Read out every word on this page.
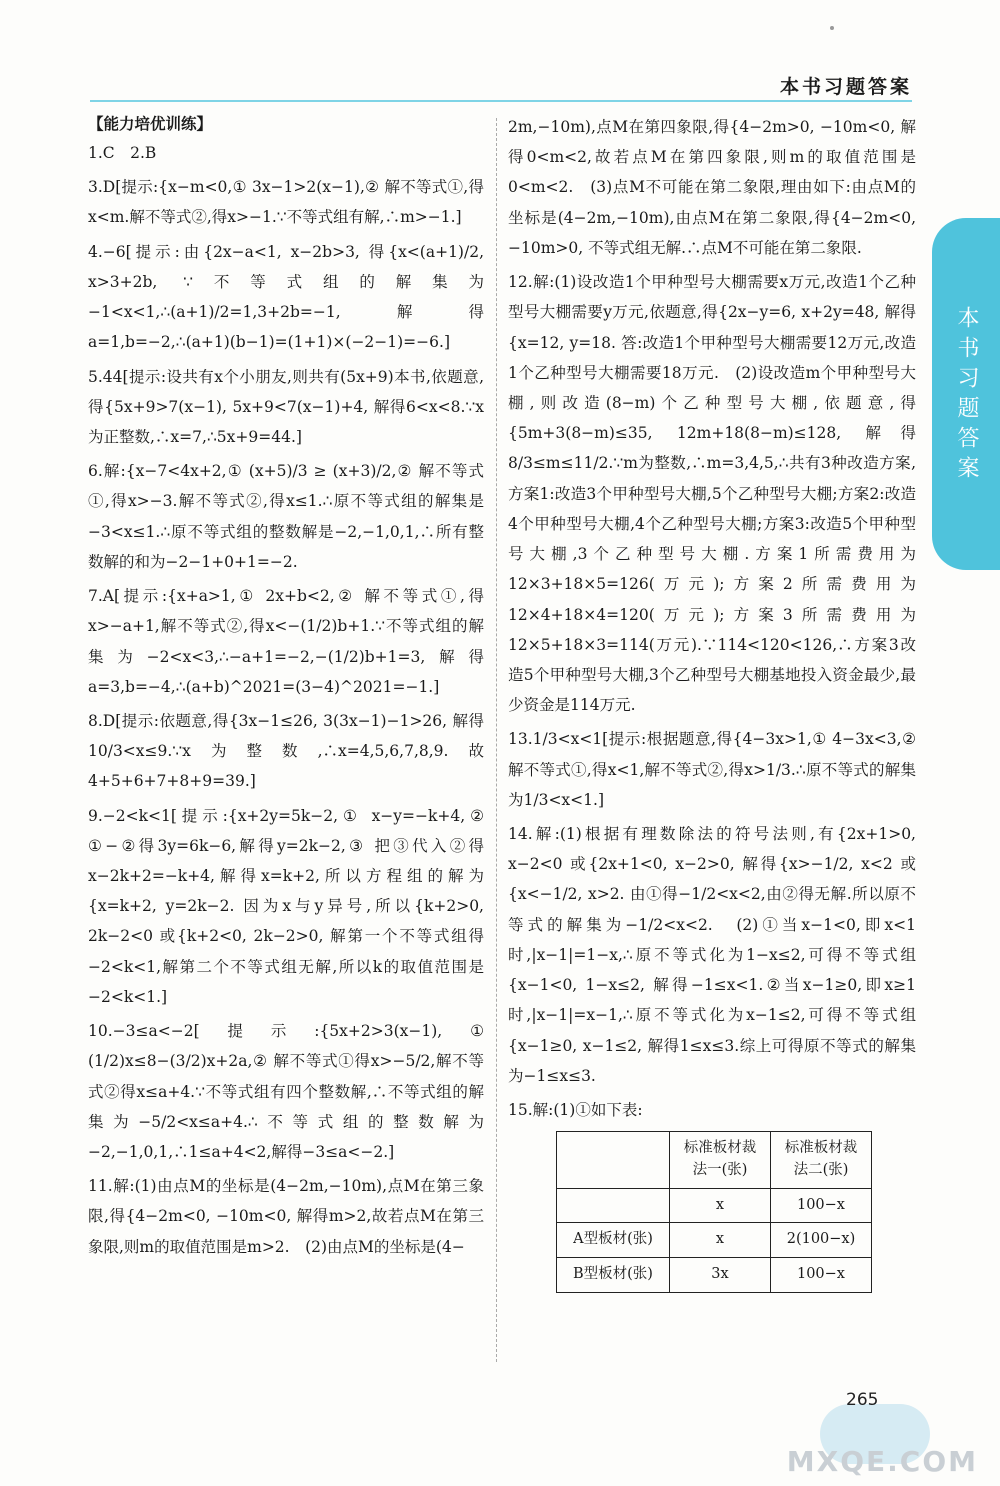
本书习题答案
本书习题答案
【能力培优训练】
1.C　2.B
3.D[提示:{x−m<0,① 3x−1>2(x−1),② 解不等式①,得x<m.解不等式②,得x>−1.∵不等式组有解,∴m>−1.]
4.−6[提示:由{2x−a<1, x−2b>3, 得{x<(a+1)/2, x>3+2b, ∵不等式组的解集为−1<x<1,∴(a+1)/2=1,3+2b=−1,解得a=1,b=−2,∴(a+1)(b−1)=(1+1)×(−2−1)=−6.]
5.44[提示:设共有x个小朋友,则共有(5x+9)本书,依题意,得{5x+9>7(x−1), 5x+9<7(x−1)+4, 解得6<x<8.∵x为正整数,∴x=7,∴5x+9=44.]
6.解:{x−7<4x+2,① (x+5)/3 ≥ (x+3)/2,② 解不等式①,得x>−3.解不等式②,得x≤1.∴原不等式组的解集是−3<x≤1.∴原不等式组的整数解是−2,−1,0,1,∴所有整数解的和为−2−1+0+1=−2.
7.A[提示:{x+a>1,① 2x+b<2,② 解不等式①,得x>−a+1,解不等式②,得x<−(1/2)b+1.∵不等式组的解集为−2<x<3,∴−a+1=−2,−(1/2)b+1=3,解得a=3,b=−4,∴(a+b)^2021=(3−4)^2021=−1.]
8.D[提示:依题意,得{3x−1≤26, 3(3x−1)−1>26, 解得10/3<x≤9.∵x为整数,∴x=4,5,6,7,8,9.故4+5+6+7+8+9=39.]
9.−2<k<1[提示:{x+2y=5k−2,① x−y=−k+4,② ①−②得3y=6k−6,解得y=2k−2,③ 把③代入②得x−2k+2=−k+4,解得x=k+2,所以方程组的解为{x=k+2, y=2k−2. 因为x与y异号,所以{k+2>0, 2k−2<0 或{k+2<0, 2k−2>0, 解第一个不等式组得−2<k<1,解第二个不等式组无解,所以k的取值范围是−2<k<1.]
10.−3≤a<−2[提示:{5x+2>3(x−1),① (1/2)x≤8−(3/2)x+2a,② 解不等式①得x>−5/2,解不等式②得x≤a+4.∵不等式组有四个整数解,∴不等式组的解集为−5/2<x≤a+4.∴不等式组的整数解为−2,−1,0,1,∴1≤a+4<2,解得−3≤a<−2.]
11.解:(1)由点M的坐标是(4−2m,−10m),点M在第三象限,得{4−2m<0, −10m<0, 解得m>2,故若点M在第三象限,则m的取值范围是m>2.　(2)由点M的坐标是(4−
2m,−10m),点M在第四象限,得{4−2m>0, −10m<0, 解得0<m<2,故若点M在第四象限,则m的取值范围是0<m<2.　(3)点M不可能在第二象限,理由如下:由点M的坐标是(4−2m,−10m),由点M在第二象限,得{4−2m<0, −10m>0, 不等式组无解.∴点M不可能在第二象限.
12.解:(1)设改造1个甲种型号大棚需要x万元,改造1个乙种型号大棚需要y万元,依题意,得{2x−y=6, x+2y=48, 解得{x=12, y=18. 答:改造1个甲种型号大棚需要12万元,改造1个乙种型号大棚需要18万元.　(2)设改造m个甲种型号大棚,则改造(8−m)个乙种型号大棚,依题意,得{5m+3(8−m)≤35, 12m+18(8−m)≤128, 解得8/3≤m≤11/2.∵m为整数,∴m=3,4,5,∴共有3种改造方案,方案1:改造3个甲种型号大棚,5个乙种型号大棚;方案2:改造4个甲种型号大棚,4个乙种型号大棚;方案3:改造5个甲种型号大棚,3个乙种型号大棚.方案1所需费用为12×3+18×5=126(万元);方案2所需费用为12×4+18×4=120(万元);方案3所需费用为12×5+18×3=114(万元).∵114<120<126,∴方案3改造5个甲种型号大棚,3个乙种型号大棚基地投入资金最少,最少资金是114万元.
13.1/3<x<1[提示:根据题意,得{4−3x>1,① 4−3x<3,② 解不等式①,得x<1,解不等式②,得x>1/3.∴原不等式的解集为1/3<x<1.]
14.解:(1)根据有理数除法的符号法则,有{2x+1>0, x−2<0 或{2x+1<0, x−2>0, 解得{x>−1/2, x<2 或{x<−1/2, x>2. 由①得−1/2<x<2,由②得无解.所以原不等式的解集为−1/2<x<2.　(2)①当x−1<0,即x<1时,|x−1|=1−x,∴原不等式化为1−x≤2,可得不等式组{x−1<0, 1−x≤2, 解得−1≤x<1.②当x−1≥0,即x≥1时,|x−1|=x−1,∴原不等式化为x−1≤2,可得不等式组{x−1≥0, x−1≤2, 解得1≤x≤3.综上可得原不等式的解集为−1≤x≤3.
15.解:(1)①如下表:
	标准板材裁法一(张)	标准板材裁法二(张)
	x	100−x
A型板材(张)	x	2(100−x)
B型板材(张)	3x	100−x
265
MXQE.COM
